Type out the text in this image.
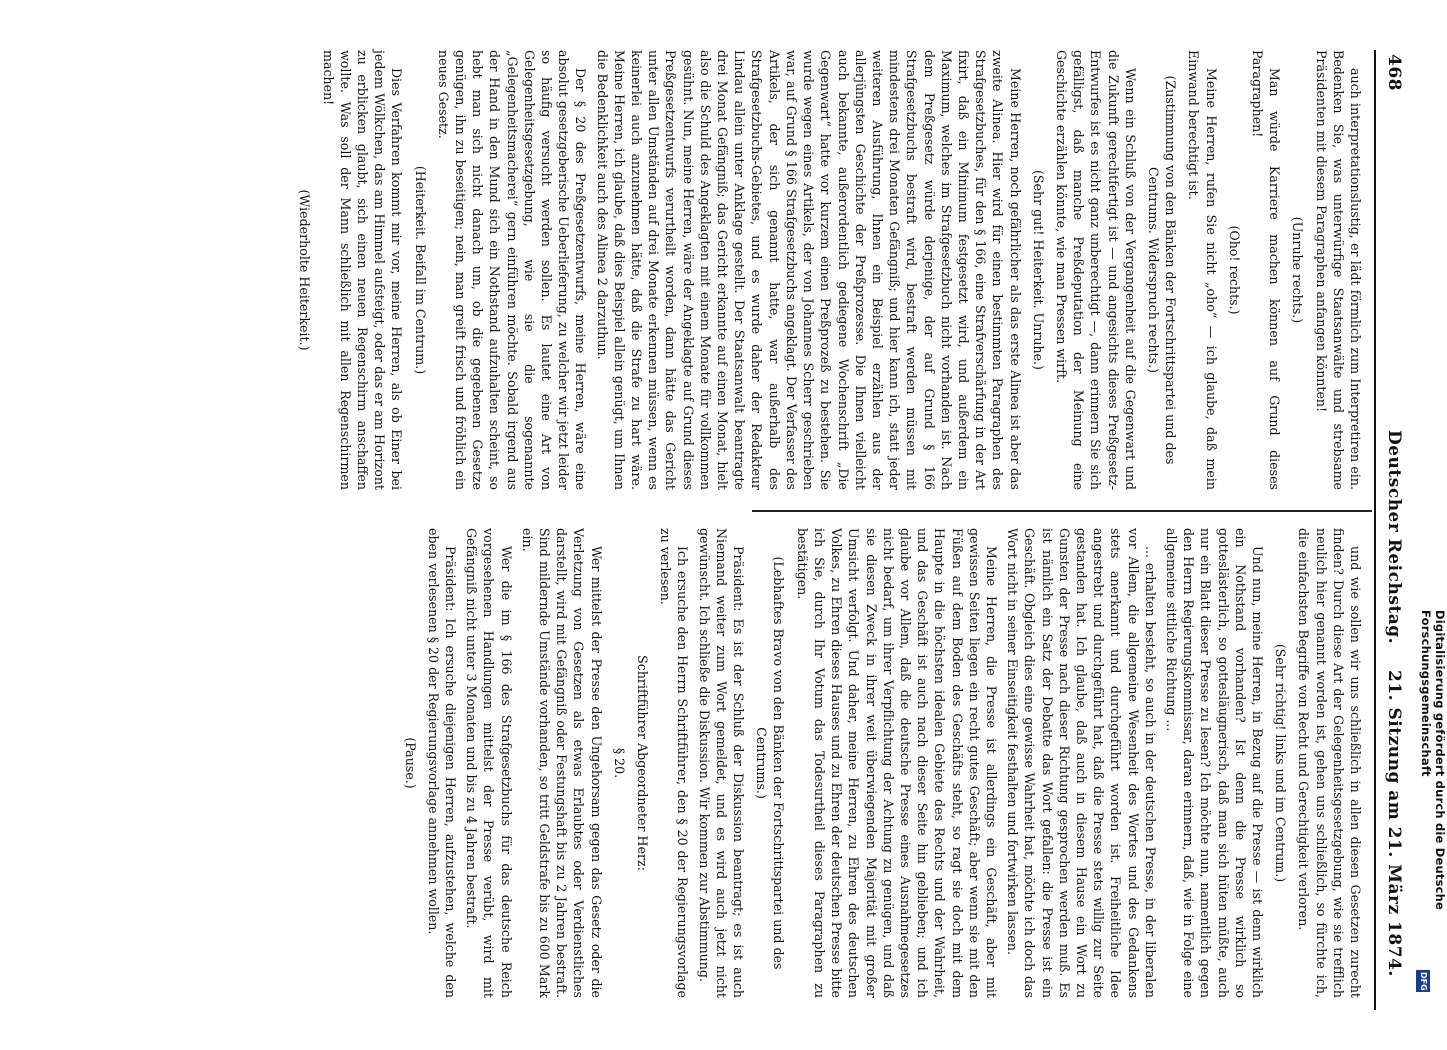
468
Deutscher Reichstag.
21. Sitzung am 21. März 1874.

auch interpretationslustig, er lädt förmlich zum Interpretiren ein. Bedenken Sie, was unterwürfige Staatsanwälte und strebsame Präsidenten mit diesem Paragraphen anfangen könnten!

(Unruhe rechts.)

Man würde Karriere machen können auf Grund dieses Paragraphen!

(Oho! rechts.)

Meine Herren, rufen Sie nicht „oho“ — ich glaube, daß mein Einwand berechtigt ist.

(Zustimmung von den Bänken der Fortschrittspartei und des Centrums. Widerspruch rechts.)

Wenn ein Schluß von der Vergangenheit auf die Gegenwart und die Zukunft gerechtfertigt ist — und angesichts dieses Preßgesetz-Entwurfes ist es nicht ganz unberechtigt —, dann erinnern Sie sich gefälligst, daß manche Preßdeputation der Meinung eine Geschichte erzählen könnte, wie man Pressen wirft.

(Sehr gut! Heiterkeit. Unruhe.)

Meine Herren, noch gefährlicher als das erste Alinea ist aber das zweite Alinea. Hier wird für einen bestimmten Paragraphen des Strafgesetzbuches, für den § 166, eine Strafverschärfung in der Art fixirt, daß ein Minimum festgesetzt wird, und außerdem ein Maximum, welches im Strafgesetzbuch nicht vorhanden ist. Nach dem Preßgesetz würde derjenige, der auf Grund § 166 Strafgesetzbuchs bestraft wird, bestraft werden müssen mit mindestens drei Monaten Gefängniß; und hier kann ich, statt jeder weiteren Ausführung, Ihnen ein Beispiel erzählen aus der allerjüngsten Geschichte der Preßprozesse. Die Ihnen vielleicht auch bekannte, außerordentlich gediegene Wochenschrift „Die Gegenwart“ hatte vor kurzem einen Preßprozeß zu bestehen. Sie wurde wegen eines Artikels, der von Johannes Scherr geschrieben war, auf Grund § 166 Strafgesetzbuchs angeklagt. Der Verfasser des Artikels, der sich genannt hatte, war außerhalb des Strafgesetzbuchs-Gebietes, und es wurde daher der Redakteur Lindau allein unter Anklage gestellt. Der Staatsanwalt beantragte drei Monat Gefängniß; das Gericht erkannte auf einen Monat, hielt also die Schuld des Angeklagten mit einem Monate für vollkommen gesühnt. Nun, meine Herren, wäre der Angeklagte auf Grund dieses Preßgesetzentwurfs verurtheilt worden, dann hätte das Gericht unter allen Umständen auf drei Monate erkennen müssen, wenn es keinerlei auch anzunehmen hätte, daß die Strafe zu hart wäre. Meine Herren, ich glaube, daß dies Beispiel allein genügt, um Ihnen die Bedenklichkeit auch des Alinea 2 darzuthun.

Der § 20 des Preßgesetzentwurfs, meine Herren, wäre eine absolut gesetzgeberische Ueberlieferung, zu welcher wir jetzt leider so häufig versucht werden sollen. Es lautet eine Art von Gelegenheitsgesetzgebung, wie sie die sogenannte „Gelegenheitsmacherei“ gern einführen möchte. Sobald irgend aus der Hand in den Mund sich ein Nothstand aufzuhalten scheint, so hebt man sich nicht danach um, ob die gegebenen Gesetze genügen, ihn zu beseitigen; nein, man greift frisch und fröhlich ein neues Gesetz.

(Heiterkeit. Beifall im Centrum.)

Dies Verfahren kommt mir vor, meine Herren, als ob Einer bei jedem Wölkchen, das am Himmel aufsteigt, oder das er am Horizont zu erblicken glaubt, sich einen neuen Regenschirm anschaffen wollte. Was soll der Mann schließlich mit allen Regenschirmen machen!

(Wiederholte Heiterkeit.)

und wie sollen wir uns schließlich in allen diesen Gesetzen zurecht finden? Durch diese Art der Gelegenheitsgesetzgebung, wie sie trefflich neulich hier genannt worden ist, gehen uns schließlich, so fürchte ich, die einfachsten Begriffe von Recht und Gerechtigkeit verloren.

(Sehr richtig! links und im Centrum.)

Und nun, meine Herren, in Bezug auf die Presse — ist denn wirklich ein Nothstand vorhanden? Ist denn die Presse wirklich so gotteslästerlich, so gottesläugnerisch, daß man sich hüten müßte, auch nur ein Blatt dieser Presse zu lesen? Ich möchte nun, namentlich gegen den Herrn Regierungskommissar, daran erinnern, daß, wie in Folge eine allgemeine sittliche Richtung ...

... erhalten besteht, so auch in der deutschen Presse, in der liberalen vor Allem, die allgemeine Wesenheit des Wortes und des Gedankens stets anerkannt und durchgeführt worden ist. Freiheitliche Idee angestrebt und durchgeführt hat, daß die Presse stets willig zur Seite gestanden hat. Ich glaube, daß auch in diesem Hause ein Wort zu Gunsten der Presse nach dieser Richtung gesprochen werden muß. Es ist nämlich ein Satz der Debatte das Wort gefallen: die Presse ist ein Geschäft. Obgleich dies eine gewisse Wahrheit hat, möchte ich doch das Wort nicht in seiner Einseitigkeit festhalten und fortwirken lassen.

Meine Herren, die Presse ist allerdings ein Geschäft, aber mit gewissen Seiten liegen ein recht gutes Geschäft; aber wenn sie mit den Füßen auf dem Boden des Geschäfts steht, so ragt sie doch mit dem Haupte in die höchsten idealen Gebiete des Rechts und der Wahrheit, und das Geschäft ist auch nach dieser Seite hin geblieben; und ich glaube vor Allem, daß die deutsche Presse eines Ausnahmegesetzes nicht bedarf, um ihrer Verpflichtung der Achtung zu genügen, und daß sie diesen Zweck in ihrer weit überwiegenden Majorität mit großer Umsicht verfolgt. Und daher, meine Herren, zu Ehren des deutschen Volkes, zu Ehren dieses Hauses und zu Ehren der deutschen Presse bitte ich Sie, durch Ihr Votum das Todesurtheil dieses Paragraphen zu bestätigen.

(Lebhaftes Bravo von den Bänken der Fortschrittspartei und des Centrums.)

Präsident: Es ist der Schluß der Diskussion beantragt; es ist auch Niemand weiter zum Wort gemeldet, und es wird auch jetzt nicht gewünscht. Ich schließe die Diskussion. Wir kommen zur Abstimmung.

Ich ersuche den Herrn Schriftführer, den § 20 der Regierungsvorlage zu verlesen.

Schriftführer Abgeordneter Herz:

§ 20.

Wer mittelst der Presse den Ungehorsam gegen das Gesetz oder die Verletzung von Gesetzen als etwas Erlaubtes oder Verdienstliches darstellt, wird mit Gefängniß oder Festungshaft bis zu 2 Jahren bestraft. Sind mildernde Umstände vorhanden, so tritt Geldstrafe bis zu 600 Mark ein.

Wer die im § 166 des Strafgesetzbuchs für das deutsche Reich vorgesehenen Handlungen mittelst der Presse verübt, wird mit Gefängniß nicht unter 3 Monaten und bis zu 4 Jahren bestraft.

Präsident: Ich ersuche diejenigen Herren, aufzustehen, welche den eben verlesenen § 20 der Regierungsvorlage annehmen wollen.

(Pause.)	Digitalisierung gefördert durch die Deutsche Forschungsgemeinschaft
DFG
